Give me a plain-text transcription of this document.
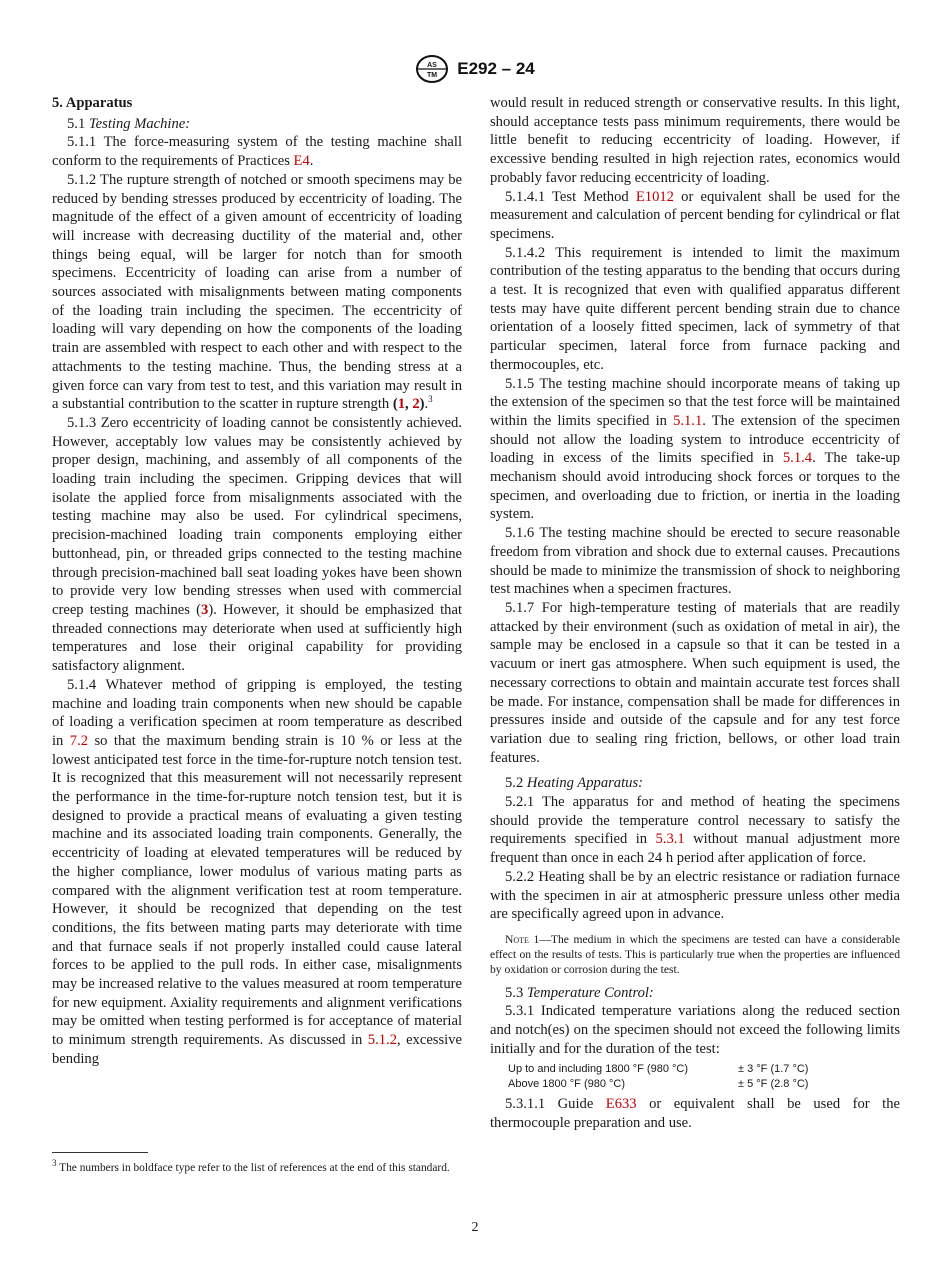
AS
TM E292 – 24

5. Apparatus

5.1 Testing Machine:

5.1.1 The force-measuring system of the testing machine shall conform to the requirements of Practices E4.

5.1.2 The rupture strength of notched or smooth specimens may be reduced by bending stresses produced by eccentricity of loading. The magnitude of the effect of a given amount of eccentricity of loading will increase with decreasing ductility of the material and, other things being equal, will be larger for notch than for smooth specimens. Eccentricity of loading can arise from a number of sources associated with misalignments between mating components of the loading train including the specimen. The eccentricity of loading will vary depending on how the components of the loading train are assembled with respect to each other and with respect to the attachments to the testing machine. Thus, the bending stress at a given force can vary from test to test, and this variation may result in a substantial contribution to the scatter in rupture strength (1, 2).$^3$

5.1.3 Zero eccentricity of loading cannot be consistently achieved. However, acceptably low values may be consistently achieved by proper design, machining, and assembly of all components of the loading train including the specimen. Gripping devices that will isolate the applied force from misalignments associated with the testing machine may also be used. For cylindrical specimens, precision-machined loading train components employing either buttonhead, pin, or threaded grips connected to the testing machine through precision-machined ball seat loading yokes have been shown to provide very low bending stresses when used with commercial creep testing machines (3). However, it should be emphasized that threaded connections may deteriorate when used at sufficiently high temperatures and lose their original capability for providing satisfactory alignment.

5.1.4 Whatever method of gripping is employed, the testing machine and loading train components when new should be capable of loading a verification specimen at room temperature as described in 7.2 so that the maximum bending strain is 10 % or less at the lowest anticipated test force in the time-for-rupture notch tension test. It is recognized that this measurement will not necessarily represent the performance in the time-for-rupture notch tension test, but it is designed to provide a practical means of evaluating a given testing machine and its associated loading train components. Generally, the eccentricity of loading at elevated temperatures will be reduced by the higher compliance, lower modulus of various mating parts as compared with the alignment verification test at room temperature. However, it should be recognized that depending on the test conditions, the fits between mating parts may deteriorate with time and that furnace seals if not properly installed could cause lateral forces to be applied to the pull rods. In either case, misalignments may be increased relative to the values measured at room temperature for new equipment. Axiality requirements and alignment verifications may be omitted when testing performed is for acceptance of material to minimum strength requirements. As discussed in 5.1.2, excessive bending

would result in reduced strength or conservative results. In this light, should acceptance tests pass minimum requirements, there would be little benefit to reducing eccentricity of loading. However, if excessive bending resulted in high rejection rates, economics would probably favor reducing eccentricity of loading.

5.1.4.1 Test Method E1012 or equivalent shall be used for the measurement and calculation of percent bending for cylindrical or flat specimens.

5.1.4.2 This requirement is intended to limit the maximum contribution of the testing apparatus to the bending that occurs during a test. It is recognized that even with qualified apparatus different tests may have quite different percent bending strain due to chance orientation of a loosely fitted specimen, lack of symmetry of that particular specimen, lateral force from furnace packing and thermocouples, etc.

5.1.5 The testing machine should incorporate means of taking up the extension of the specimen so that the test force will be maintained within the limits specified in 5.1.1. The extension of the specimen should not allow the loading system to introduce eccentricity of loading in excess of the limits specified in 5.1.4. The take-up mechanism should avoid introducing shock forces or torques to the specimen, and overloading due to friction, or inertia in the loading system.

5.1.6 The testing machine should be erected to secure reasonable freedom from vibration and shock due to external causes. Precautions should be made to minimize the transmission of shock to neighboring test machines when a specimen fractures.

5.1.7 For high-temperature testing of materials that are readily attacked by their environment (such as oxidation of metal in air), the sample may be enclosed in a capsule so that it can be tested in a vacuum or inert gas atmosphere. When such equipment is used, the necessary corrections to obtain and maintain accurate test forces shall be made. For instance, compensation shall be made for differences in pressures inside and outside of the capsule and for any test force variation due to sealing ring friction, bellows, or other load train features.

5.2 Heating Apparatus:

5.2.1 The apparatus for and method of heating the specimens should provide the temperature control necessary to satisfy the requirements specified in 5.3.1 without manual adjustment more frequent than once in each 24 h period after application of force.

5.2.2 Heating shall be by an electric resistance or radiation furnace with the specimen in air at atmospheric pressure unless other media are specifically agreed upon in advance.

Note 1—The medium in which the specimens are tested can have a considerable effect on the results of tests. This is particularly true when the properties are influenced by oxidation or corrosion during the test.

5.3 Temperature Control:

5.3.1 Indicated temperature variations along the reduced section and notch(es) on the specimen should not exceed the following limits initially and for the duration of the test:

Up to and including 1800 °F (980 °C)	± 3 °F (1.7 °C)
Above 1800 °F (980 °C)	± 5 °F (2.8 °C)

5.3.1.1 Guide E633 or equivalent shall be used for the thermocouple preparation and use.

$^3$ The numbers in boldface type refer to the list of references at the end of this standard.
2
